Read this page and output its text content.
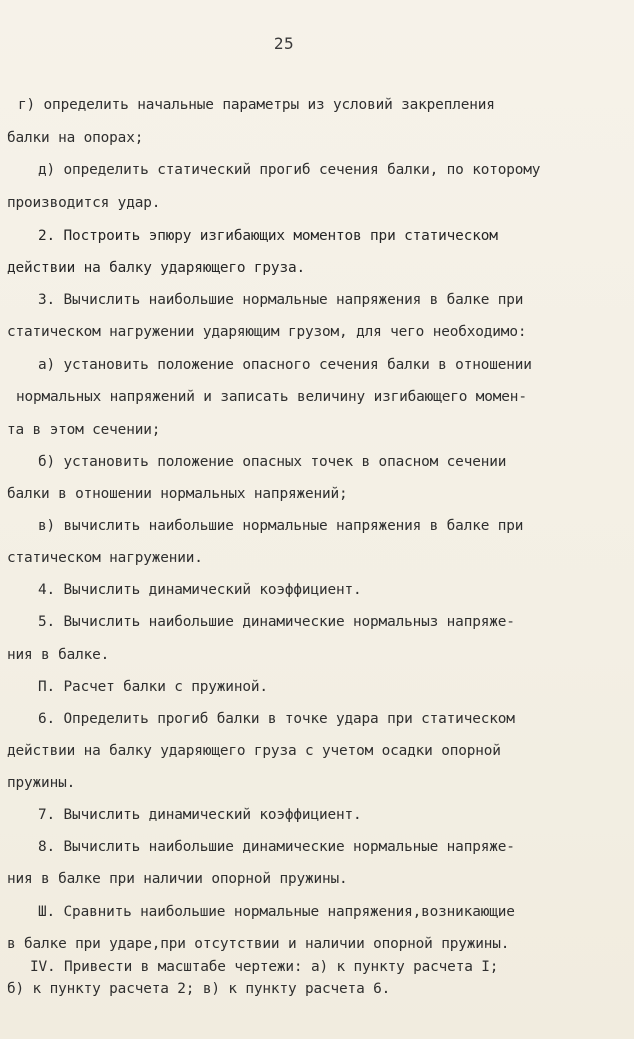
25
г) определить начальные параметры из условий закрепления
балки на опорах;
д) определить статический прогиб сечения балки, по которому
производится удар.
2. Построить эпюру изгибающих моментов при статическом
действии на балку ударяющего груза.
3. Вычислить наибольшие нормальные напряжения в балке при
статическом нагружении ударяющим грузом, для чего необходимо:
а) установить положение опасного сечения балки в отношении
нормальных напряжений и записать величину изгибающего момен-
та в этом сечении;
б) установить положение опасных точек в опасном сечении
балки в отношении нормальных напряжений;
в) вычислить наибольшие нормальные напряжения в балке при
статическом нагружении.
4. Вычислить динамический коэффициент.
5. Вычислить наибольшие динамические нормальныз напряже-
ния в балке.
П. Расчет балки с пружиной.
6. Определить прогиб балки в точке удара при статическом
действии на балку ударяющего груза с учетом осадки опорной
пружины.
7. Вычислить динамический коэффициент.
8. Вычислить наибольшие динамические нормальные напряже-
ния в балке при наличии опорной пружины.
Ш. Сравнить наибольшие нормальные напряжения,возникающие
в балке при ударе,при отсутствии и наличии опорной пружины.
IV. Привести в масштабе чертежи: а) к пункту расчета I;
б) к пункту расчета 2; в) к пункту расчета 6.
